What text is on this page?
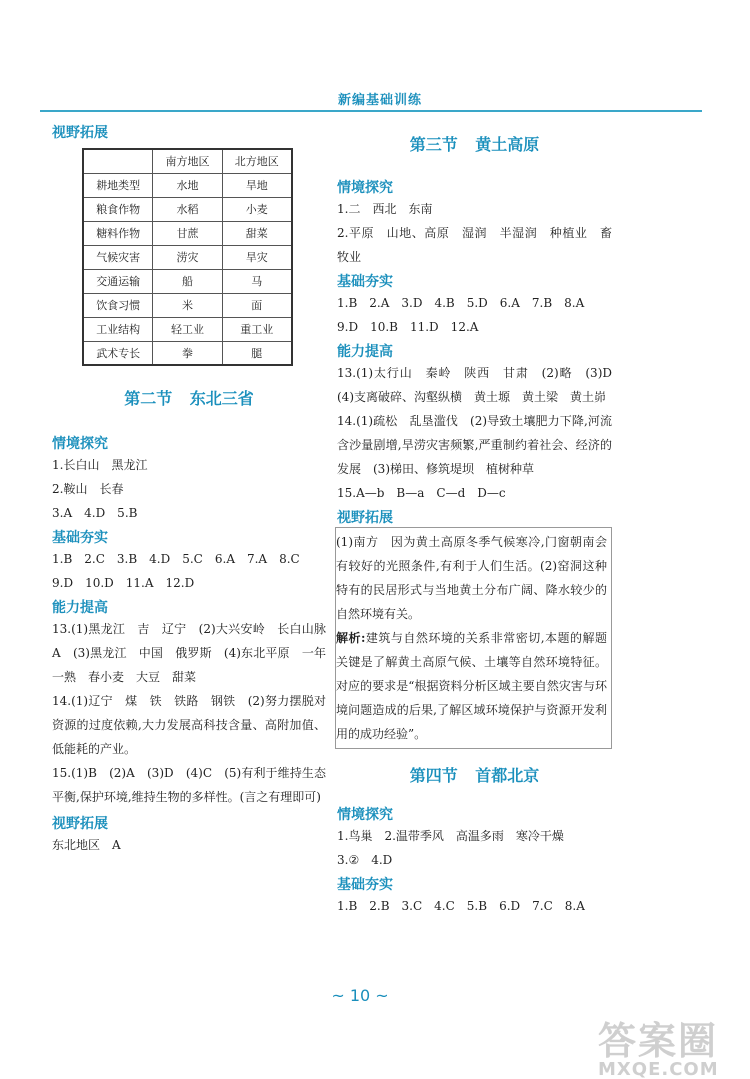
新编基础训练
视野拓展
	南方地区	北方地区
耕地类型	水地	旱地
粮食作物	水稻	小麦
糖料作物	甘蔗	甜菜
气候灾害	涝灾	旱灾
交通运输	船	马
饮食习惯	米	面
工业结构	轻工业	重工业
武术专长	拳	腿
第二节 东北三省
情境探究
1.长白山　黑龙江
2.鞍山　长春
3.A　4.D　5.B
基础夯实
1.B　2.C　3.B　4.D　5.C　6.A　7.A　8.C
9.D　10.D　11.A　12.D
能力提高
13.(1)黑龙江　吉　辽宁　(2)大兴安岭　长白山脉　A　(3)黑龙江　中国　俄罗斯　(4)东北平原　一年一熟　春小麦　大豆　甜菜
14.(1)辽宁　煤　铁　铁路　钢铁　(2)努力摆脱对资源的过度依赖,大力发展高科技含量、高附加值、低能耗的产业。
15.(1)B　(2)A　(3)D　(4)C　(5)有利于维持生态平衡,保护环境,维持生物的多样性。(言之有理即可)
视野拓展
东北地区　A
第三节 黄土高原
情境探究
1.二　西北　东南
2.平原　山地、高原　湿润　半湿润　种植业　畜牧业
基础夯实
1.B　2.A　3.D　4.B　5.D　6.A　7.B　8.A
9.D　10.B　11.D　12.A
能力提高
13.(1)太行山　秦岭　陕西　甘肃　(2)略　(3)D　(4)支离破碎、沟壑纵横　黄土塬　黄土梁　黄土峁
14.(1)疏松　乱垦滥伐　(2)导致土壤肥力下降,河流含沙量剧增,旱涝灾害频繁,严重制约着社会、经济的发展　(3)梯田、修筑堤坝　植树种草
15.A—b　B—a　C—d　D—c
视野拓展
(1)南方　因为黄土高原冬季气候寒冷,门窗朝南会有较好的光照条件,有利于人们生活。(2)窑洞这种特有的民居形式与当地黄土分布广阔、降水较少的自然环境有关。
解析:建筑与自然环境的关系非常密切,本题的解题关键是了解黄土高原气候、土壤等自然环境特征。对应的要求是“根据资料分析区域主要自然灾害与环境问题造成的后果,了解区域环境保护与资源开发利用的成功经验”。
第四节 首都北京
情境探究
1.鸟巢　2.温带季风　高温多雨　寒冷干燥
3.②　4.D
基础夯实
1.B　2.B　3.C　4.C　5.B　6.D　7.C　8.A
~ 10 ~
答案圈
MXQE.COM
